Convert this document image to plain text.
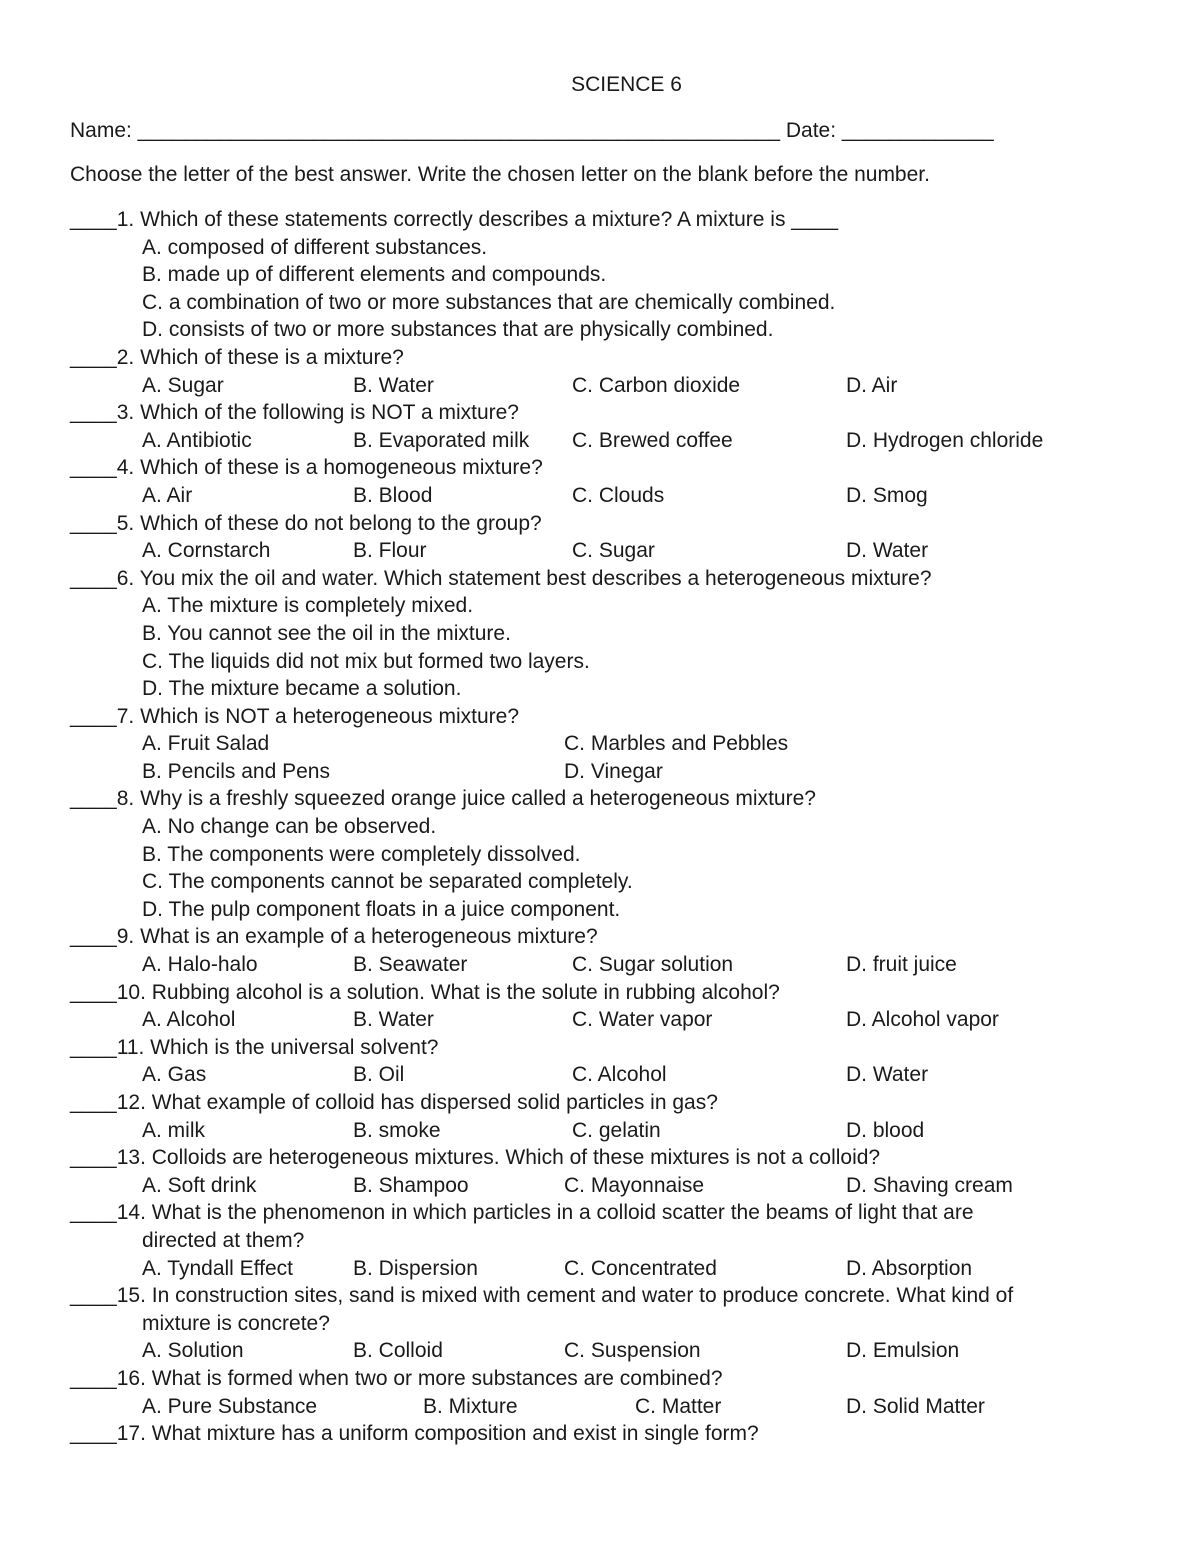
SCIENCE 6
Name: _______________________________________________________ Date: _____________
Choose the letter of the best answer. Write the chosen letter on the blank before the number.
____1. Which of these statements correctly describes a mixture? A mixture is ____
A. composed of different substances.
B. made up of different elements and compounds.
C. a combination of two or more substances that are chemically combined.
D. consists of two or more substances that are physically combined.
____2. Which of these is a mixture?
A. Sugar	B. Water	C. Carbon dioxide	D. Air
____3. Which of the following is NOT a mixture?
A. Antibiotic	B. Evaporated milk C. Brewed coffee	D. Hydrogen chloride
____4. Which of these is a homogeneous mixture?
A. Air	B. Blood	C. Clouds	D. Smog
____5. Which of these do not belong to the group?
A. Cornstarch	B. Flour	C. Sugar	D. Water
____6. You mix the oil and water. Which statement best describes a heterogeneous mixture?
A. The mixture is completely mixed.
B. You cannot see the oil in the mixture.
C. The liquids did not mix but formed two layers.
D. The mixture became a solution.
____7. Which is NOT a heterogeneous mixture?
A. Fruit Salad	C. Marbles and Pebbles
B. Pencils and Pens	D. Vinegar
____8. Why is a freshly squeezed orange juice called a heterogeneous mixture?
A. No change can be observed.
B. The components were completely dissolved.
C. The components cannot be separated completely.
D. The pulp component floats in a juice component.
____9. What is an example of a heterogeneous mixture?
A. Halo-halo	B. Seawater	C. Sugar solution	D. fruit juice
____10. Rubbing alcohol is a solution. What is the solute in rubbing alcohol?
A. Alcohol	B. Water	C. Water vapor	D. Alcohol vapor
____11. Which is the universal solvent?
A. Gas	B. Oil	C. Alcohol	D. Water
____12. What example of colloid has dispersed solid particles in gas?
A. milk	B. smoke	C. gelatin	D. blood
____13. Colloids are heterogeneous mixtures. Which of these mixtures is not a colloid?
A. Soft drink	B. Shampoo	C. Mayonnaise	D. Shaving cream
____14. What is the phenomenon in which particles in a colloid scatter the beams of light that are
directed at them?
A. Tyndall Effect	B. Dispersion	C. Concentrated	D. Absorption
____15. In construction sites, sand is mixed with cement and water to produce concrete. What kind of
mixture is concrete?
A. Solution	B. Colloid	C. Suspension	D. Emulsion
____16. What is formed when two or more substances are combined?
A. Pure Substance	B. Mixture	C. Matter	D. Solid Matter
____17. What mixture has a uniform composition and exist in single form?
